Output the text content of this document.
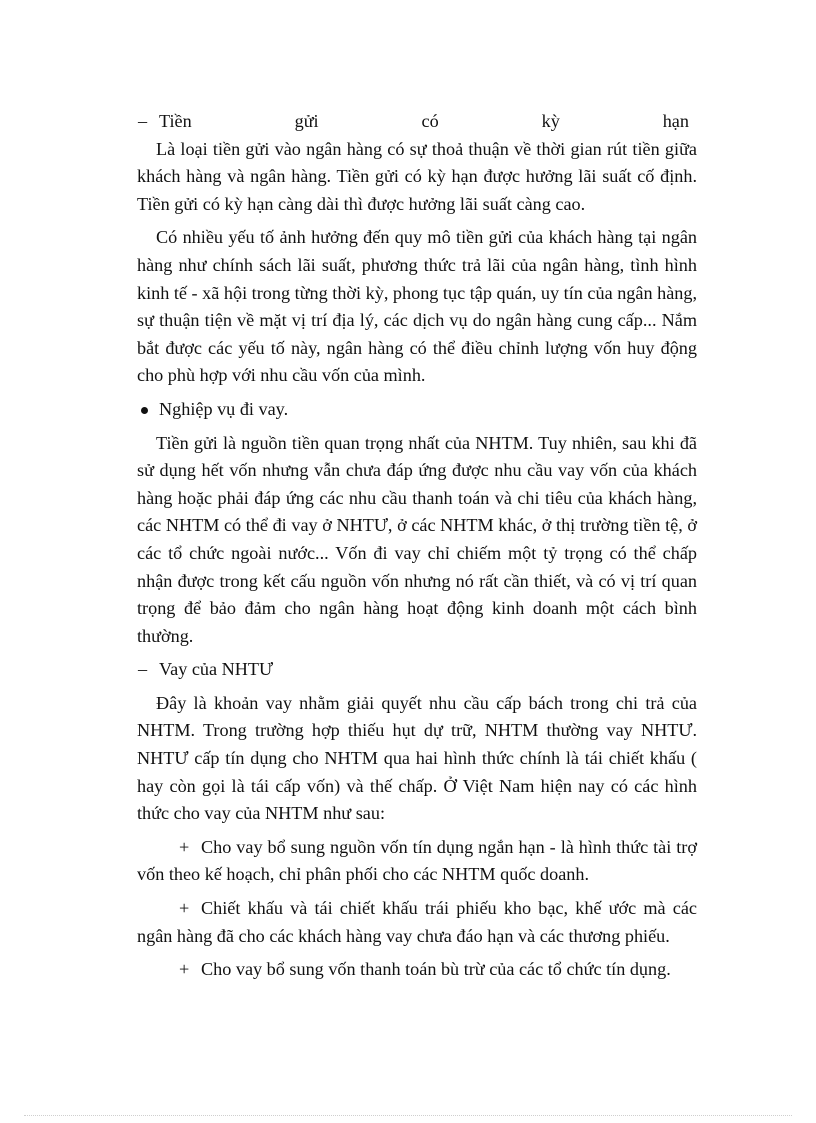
– Tiền	gửi	có	kỳ	hạn

Là loại tiền gửi vào ngân hàng có sự thoả thuận về thời gian rút tiền giữa khách hàng và ngân hàng. Tiền gửi có kỳ hạn được hưởng lãi suất cố định. Tiền gửi có kỳ hạn càng dài thì được hưởng lãi suất càng cao.

Có nhiều yếu tố ảnh hưởng đến quy mô tiền gửi của khách hàng tại ngân hàng như chính sách lãi suất, phương thức trả lãi của ngân hàng, tình hình kinh tế - xã hội trong từng thời kỳ, phong tục tập quán, uy tín của ngân hàng, sự thuận tiện về mặt vị trí địa lý, các dịch vụ do ngân hàng cung cấp... Nắm bắt được các yếu tố này, ngân hàng có thể điều chỉnh lượng vốn huy động cho phù hợp với nhu cầu vốn của mình.

Nghiệp vụ đi vay.

Tiền gửi là nguồn tiền quan trọng nhất của NHTM. Tuy nhiên, sau khi đã sử dụng hết vốn nhưng vẫn chưa đáp ứng được nhu cầu vay vốn của khách hàng hoặc phải đáp ứng các nhu cầu thanh toán và chi tiêu của khách hàng, các NHTM có thể đi vay ở NHTƯ, ở các NHTM khác, ở thị trường tiền tệ, ở các tổ chức ngoài nước... Vốn đi vay chỉ chiếm một tỷ trọng có thể chấp nhận được trong kết cấu nguồn vốn nhưng nó rất cần thiết, và có vị trí quan trọng để bảo đảm cho ngân hàng hoạt động kinh doanh một cách bình thường.

– Vay của NHTƯ

Đây là khoản vay nhằm giải quyết nhu cầu cấp bách trong chi trả của NHTM. Trong trường hợp thiếu hụt dự trữ, NHTM thường vay NHTƯ. NHTƯ cấp tín dụng cho NHTM qua hai hình thức chính là tái chiết khấu ( hay còn gọi là tái cấp vốn) và thế chấp. Ở Việt Nam hiện nay có các hình thức cho vay của NHTM như sau:

+ Cho vay bổ sung nguồn vốn tín dụng ngắn hạn - là hình thức tài trợ vốn theo kế hoạch, chỉ phân phối cho các NHTM quốc doanh.

+ Chiết khấu và tái chiết khấu trái phiếu kho bạc, khế ước mà các ngân hàng đã cho các khách hàng vay chưa đáo hạn và các thương phiếu.

+ Cho vay bổ sung vốn thanh toán bù trừ của các tổ chức tín dụng.
